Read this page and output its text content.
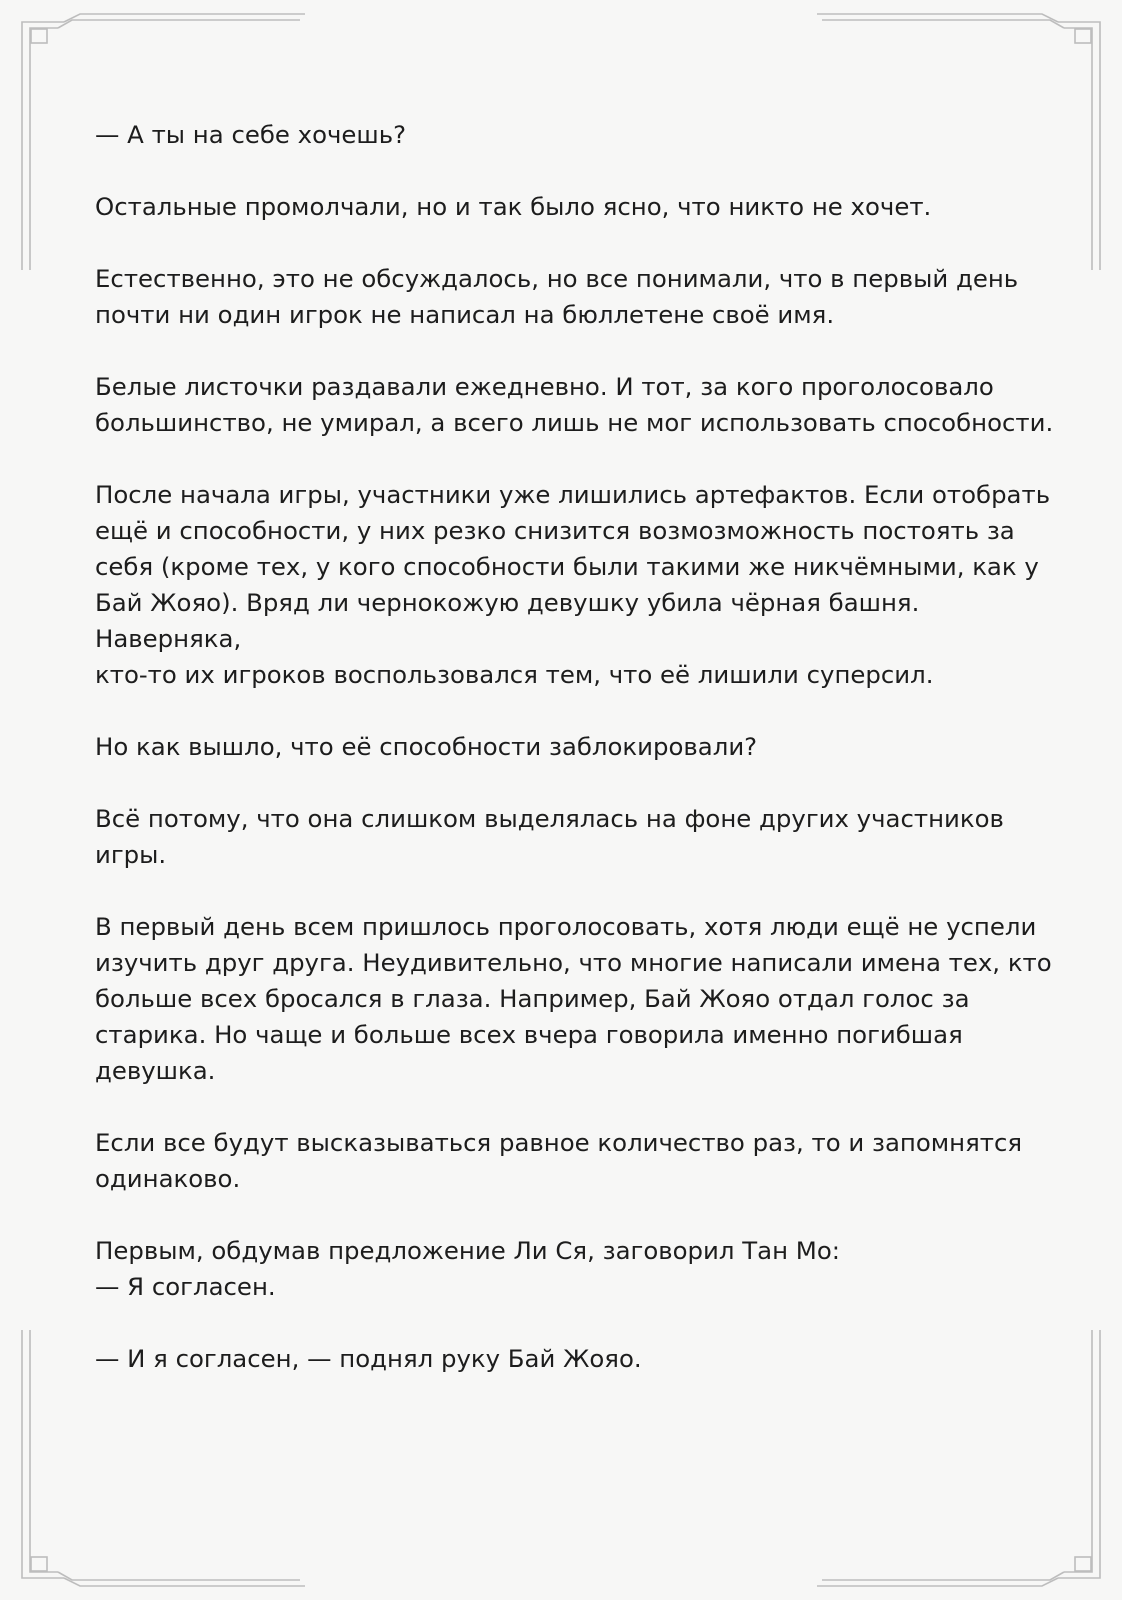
— А ты на себе хочешь?

Остальные промолчали, но и так было ясно, что никто не хочет.

Естественно, это не обсуждалось, но все понимали, что в первый день
почти ни один игрок не написал на бюллетене своё имя.

Белые листочки раздавали ежедневно. И тот, за кого проголосовало
большинство, не умирал, а всего лишь не мог использовать способности.

После начала игры, участники уже лишились артефактов. Если отобрать
ещё и способности, у них резко снизится возмозможность постоять за
себя (кроме тех, у кого способности были такими же никчёмными, как у
Бай Жояо). Вряд ли чернокожую девушку убила чёрная башня. Наверняка,
кто-то их игроков воспользовался тем, что её лишили суперсил.

Но как вышло, что её способности заблокировали?

Всё потому, что она слишком выделялась на фоне других участников
игры.

В первый день всем пришлось проголосовать, хотя люди ещё не успели
изучить друг друга. Неудивительно, что многие написали имена тех, кто
больше всех бросался в глаза. Например, Бай Жояо отдал голос за
старика. Но чаще и больше всех вчера говорила именно погибшая
девушка.

Если все будут высказываться равное количество раз, то и запомнятся
одинаково.

Первым, обдумав предложение Ли Ся, заговорил Тан Мо:

— Я согласен.

— И я согласен, — поднял руку Бай Жояо.
